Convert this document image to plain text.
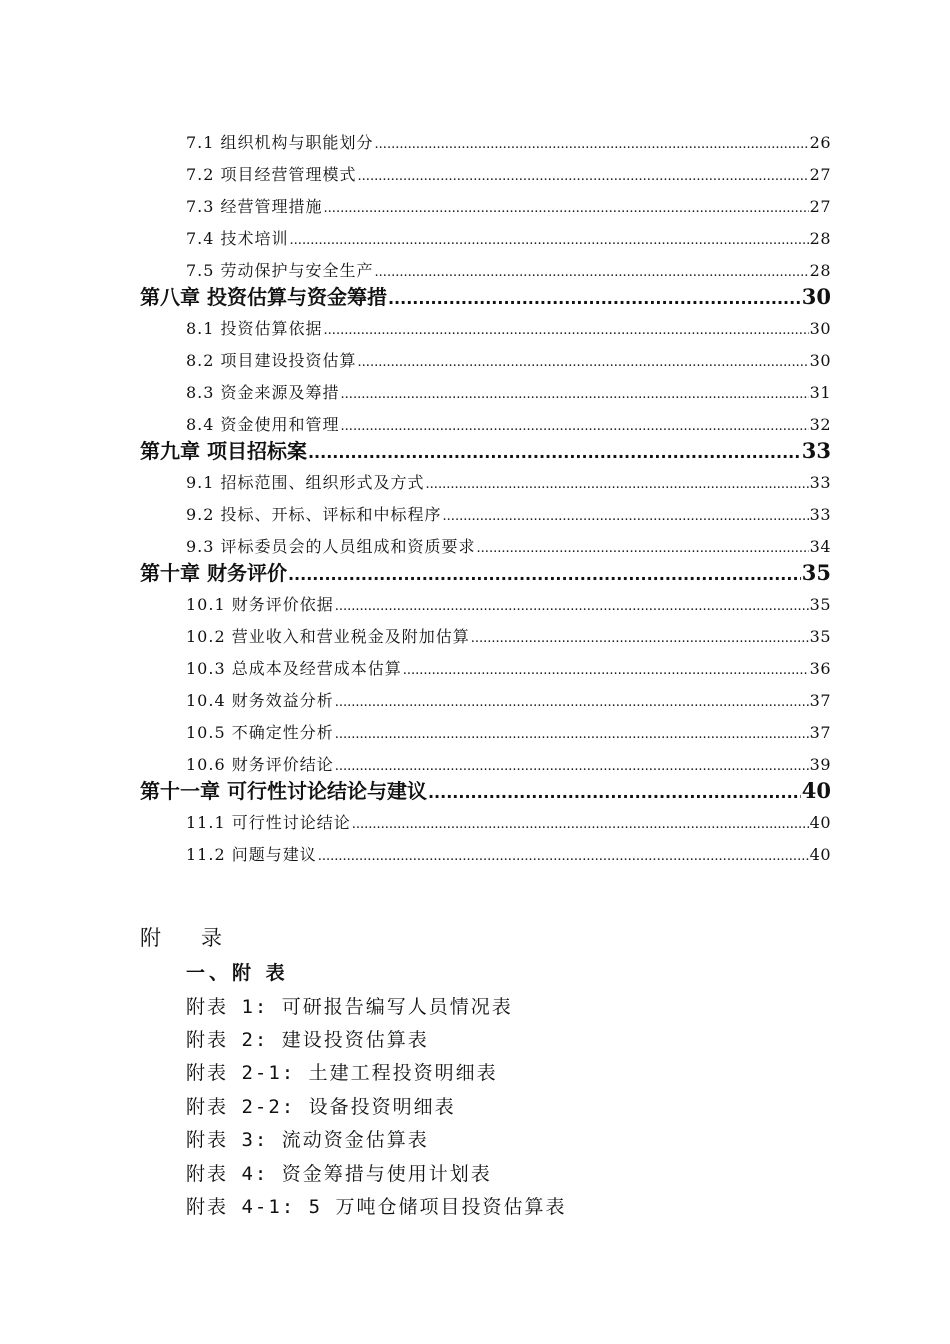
7.1 组织机构与职能划分 .....	26
7.2 项目经营管理模式 .....	27
7.3 经营管理措施 .....	27
7.4 技术培训 .....	28
7.5 劳动保护与安全生产 .....	28
第八章 投资估算与资金筹措 .....	30
8.1 投资估算依据 .....	30
8.2 项目建设投资估算 .....	30
8.3 资金来源及筹措 .....	31
8.4 资金使用和管理 .....	32
第九章 项目招标案 .....	33
9.1 招标范围、组织形式及方式 .....	33
9.2 投标、开标、评标和中标程序 .....	33
9.3 评标委员会的人员组成和资质要求 .....	34
第十章 财务评价 .....	35
10.1 财务评价依据 .....	35
10.2 营业收入和营业税金及附加估算 .....	35
10.3 总成本及经营成本估算 .....	36
10.4 财务效益分析 .....	37
10.5 不确定性分析 .....	37
10.6 财务评价结论 .....	39
第十一章 可行性讨论结论与建议 .....	40
11.1 可行性讨论结论 .....	40
11.2 问题与建议 .....	40
附录
一、附 表
附表 1: 可研报告编写人员情况表
附表 2: 建设投资估算表
附表 2-1: 土建工程投资明细表
附表 2-2: 设备投资明细表
附表 3: 流动资金估算表
附表 4: 资金筹措与使用计划表
附表 4-1: 5 万吨仓储项目投资估算表
